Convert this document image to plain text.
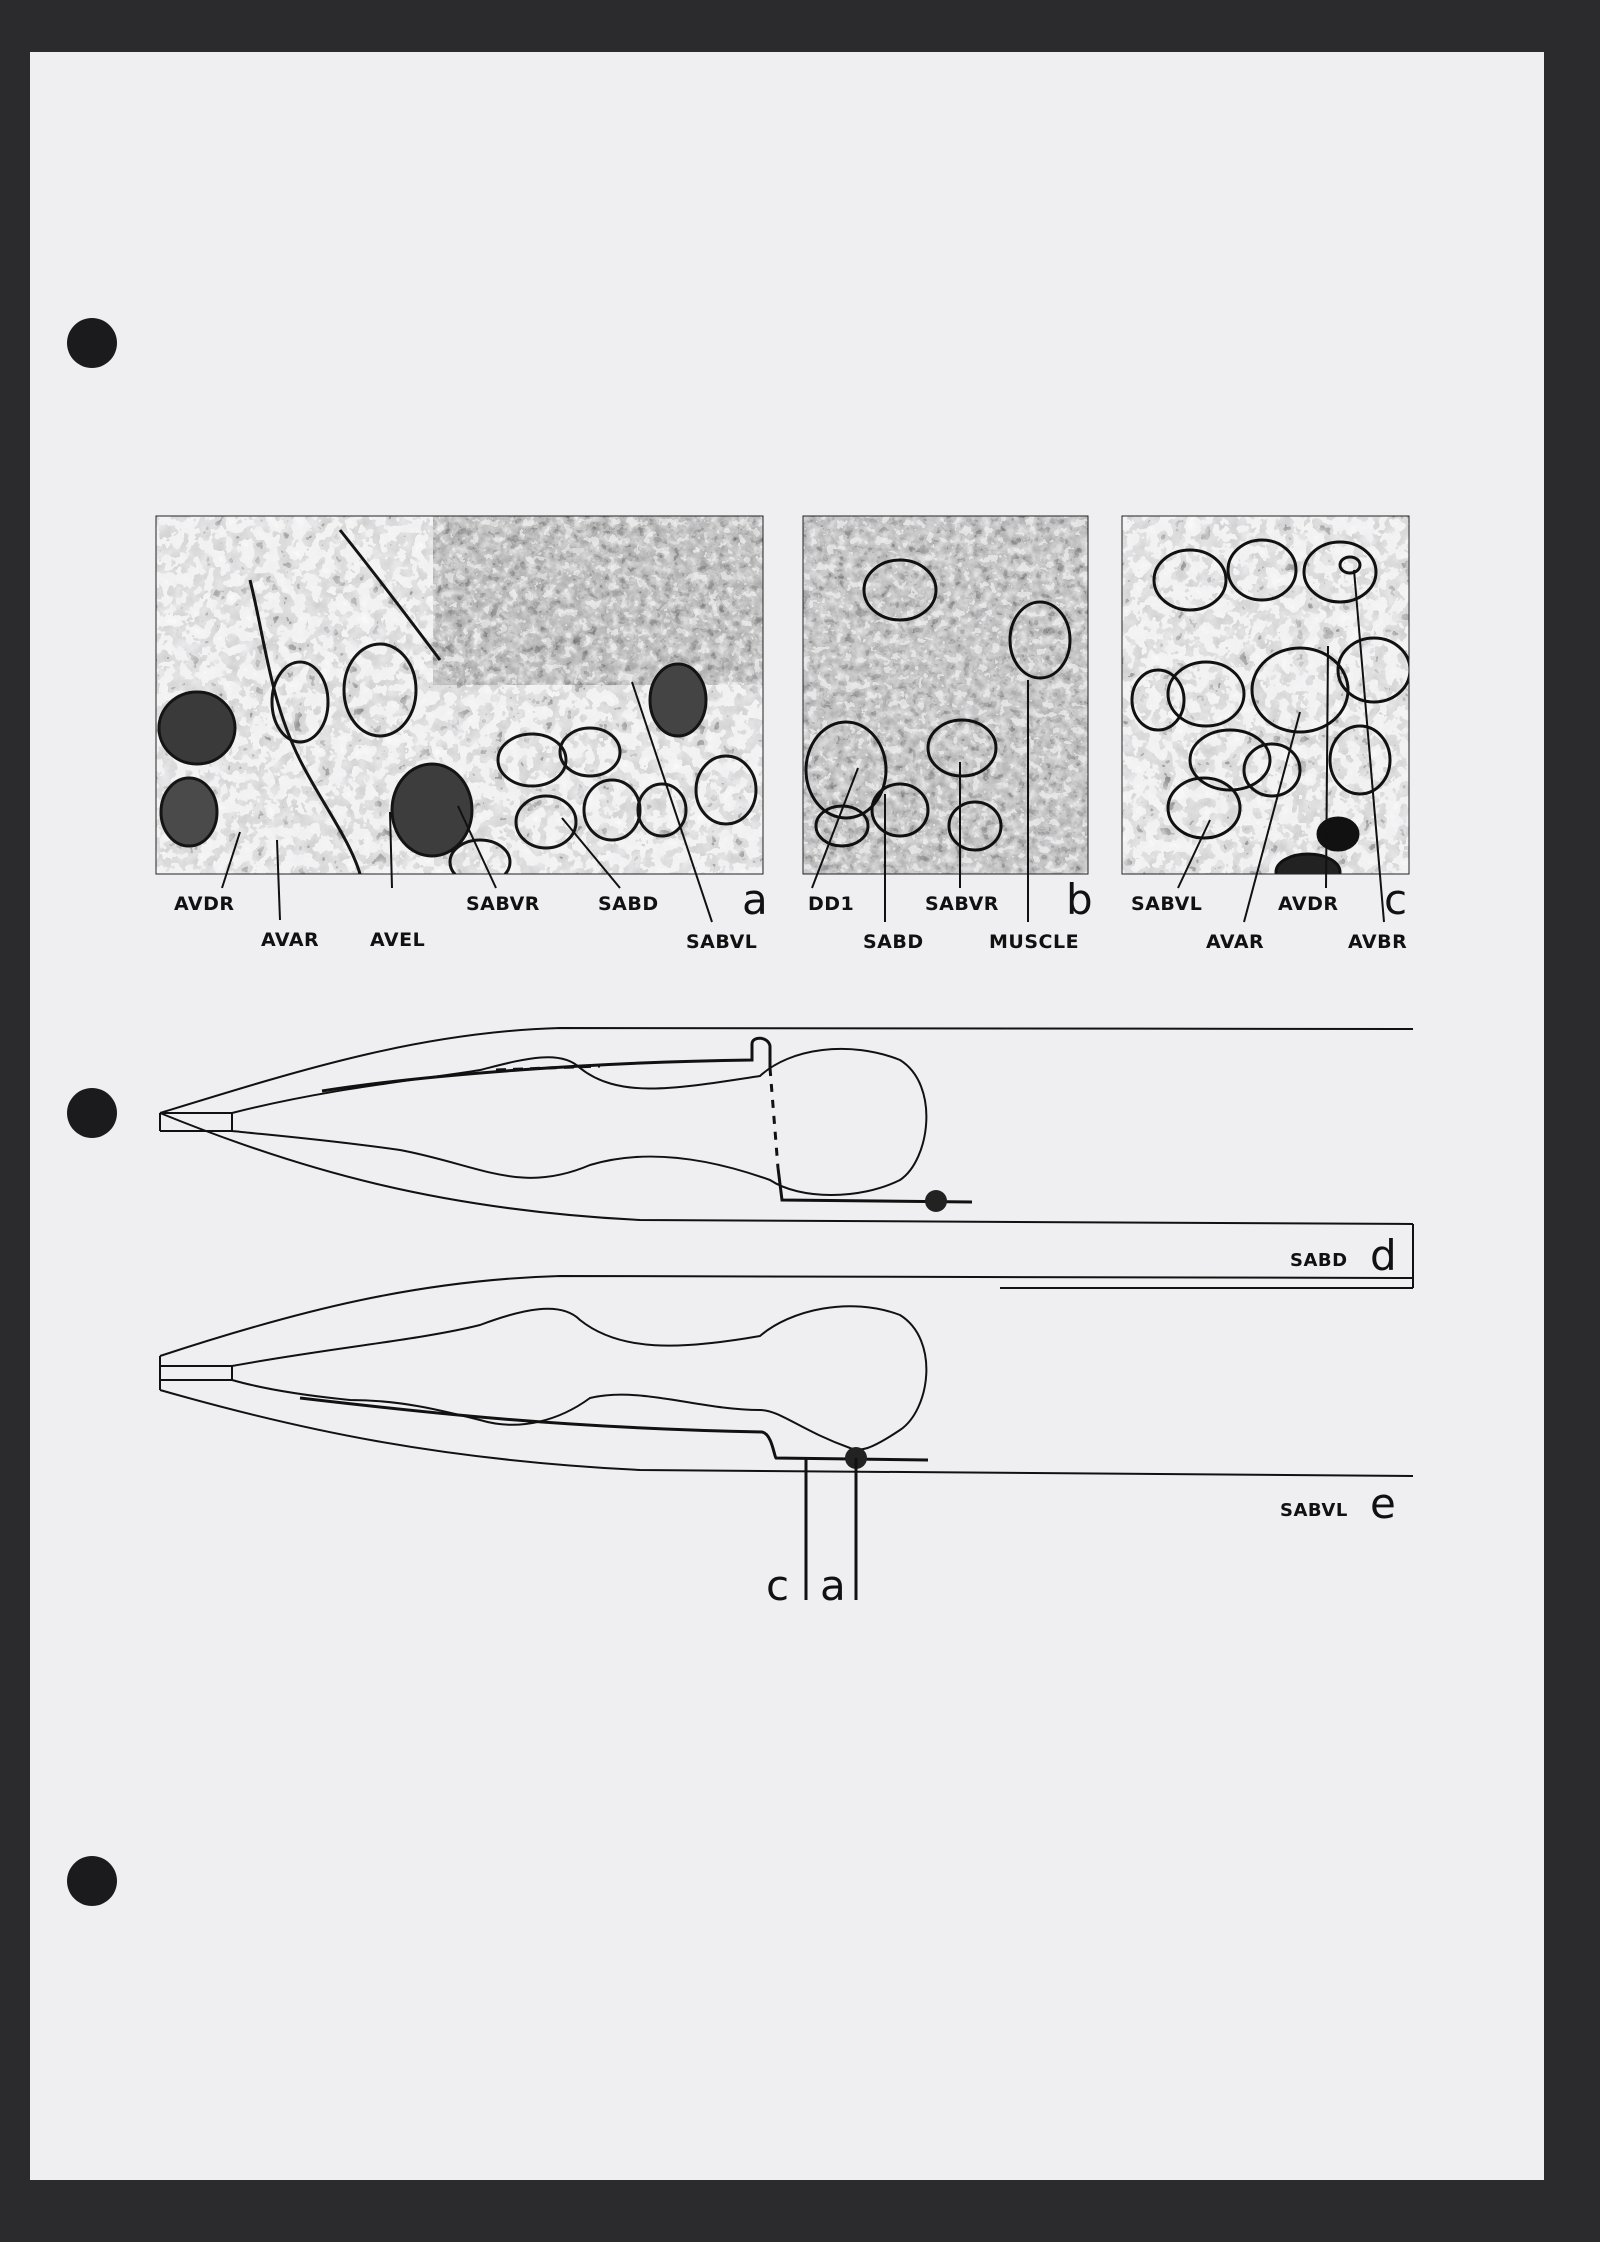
AVDR
AVEL
SABVR	SABD
AVAR	SABVL
a DD1	SABVR
SABD	MUSCLE
b SABVL	AVDR
AVAR	AVBR
c
SABD d
SABVL e
c a
